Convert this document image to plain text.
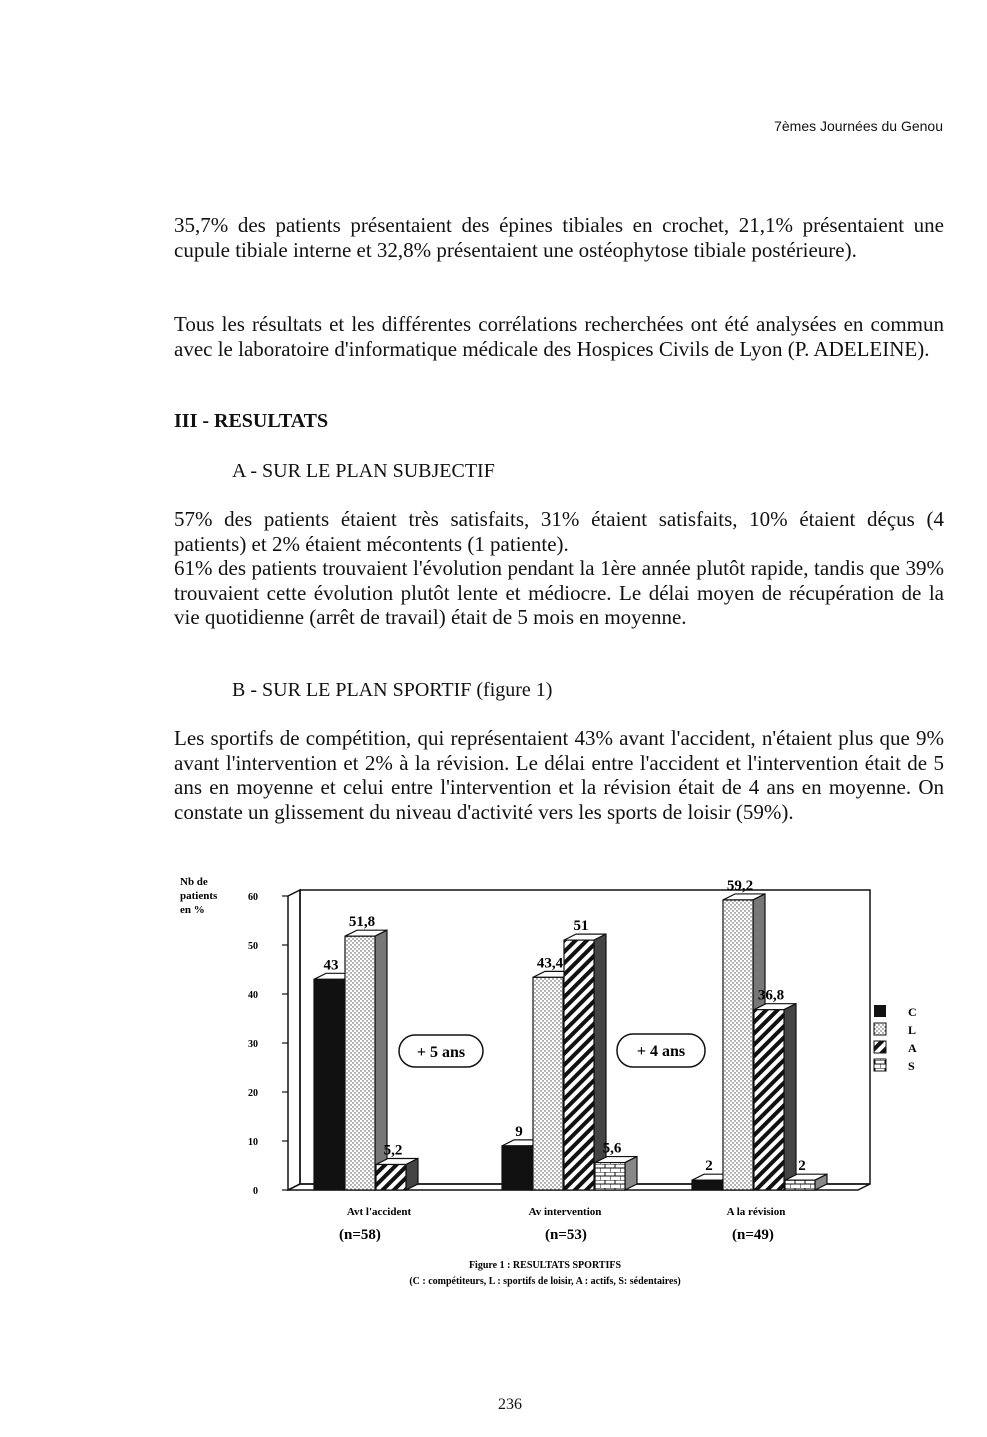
7èmes Journées du Genou

35,7% des patients présentaient des épines tibiales en crochet, 21,1% présentaient une cupule tibiale interne et 32,8% présentaient une ostéophytose tibiale postérieure).

Tous les résultats et les différentes corrélations recherchées ont été analysées en commun avec le laboratoire d'informatique médicale des Hospices Civils de Lyon (P. ADELEINE).

III - RESULTATS
A - SUR LE PLAN SUBJECTIF

57% des patients étaient très satisfaits, 31% étaient satisfaits, 10% étaient déçus (4 patients) et 2% étaient mécontents (1 patiente).

61% des patients trouvaient l'évolution pendant la 1ère année plutôt rapide, tandis que 39% trouvaient cette évolution plutôt lente et médiocre. Le délai moyen de récupération de la vie quotidienne (arrêt de travail) était de 5 mois en moyenne.

B - SUR LE PLAN SPORTIF (figure 1)

Les sportifs de compétition, qui représentaient 43% avant l'accident, n'étaient plus que 9% avant l'intervention et 2% à la révision. Le délai entre l'accident et l'intervention était de 5 ans en moyenne et celui entre l'intervention et la révision était de 4 ans en moyenne. On constate un glissement du niveau d'activité vers les sports de loisir (59%).

43
51,8
5,2
9
43,4
51
5,6
2
59,2
36,8
2
0
10
20
30
40
50
60
Nb de
patients
en %
+ 5 ans	+ 4 ans
C
L
A
S
Avt l'accident	Av intervention	A la révision
(n=58)	(n=53)	(n=49)
Figure 1 : RESULTATS SPORTIFS
(C : compétiteurs, L : sportifs de loisir, A : actifs, S: sédentaires)
236
